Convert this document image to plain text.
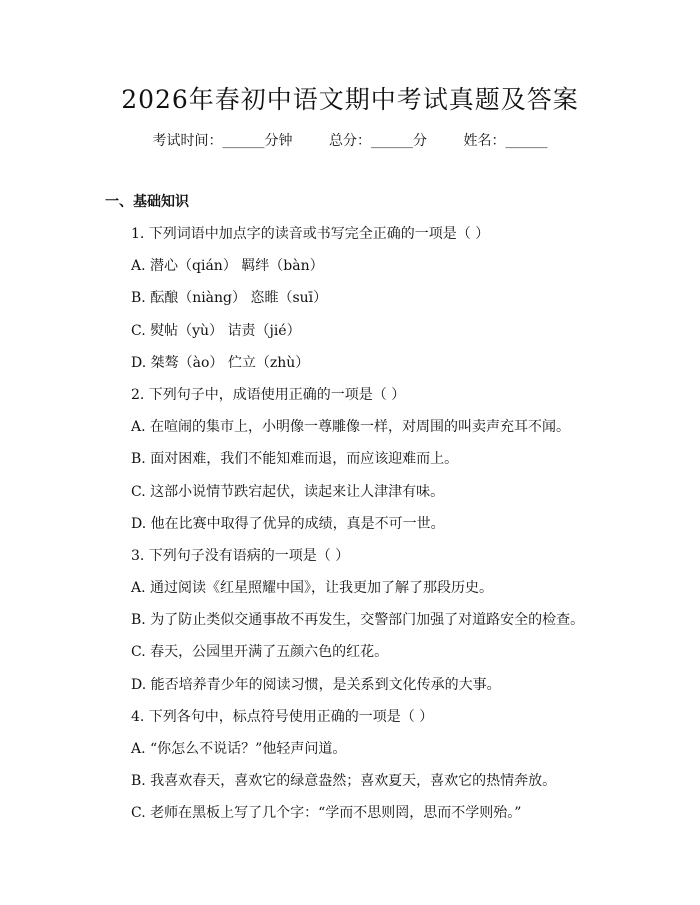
2026年春初中语文期中考试真题及答案
考试时间：______分钟	总分：______分	姓名：______
一、基础知识
1. 下列词语中加点字的读音或书写完全正确的一项是（ ）
A. 潜心（qián） 羁绊（bàn）
B. 酝酿（niàng） 恣睢（suī）
C. 熨帖（yù） 诘责（jié）
D. 桀骜（ào） 伫立（zhù）
2. 下列句子中，成语使用正确的一项是（ ）
A. 在喧闹的集市上，小明像一尊雕像一样，对周围的叫卖声充耳不闻。
B. 面对困难，我们不能知难而退，而应该迎难而上。
C. 这部小说情节跌宕起伏，读起来让人津津有味。
D. 他在比赛中取得了优异的成绩，真是不可一世。
3. 下列句子没有语病的一项是（ ）
A. 通过阅读《红星照耀中国》，让我更加了解了那段历史。
B. 为了防止类似交通事故不再发生，交警部门加强了对道路安全的检查。
C. 春天，公园里开满了五颜六色的红花。
D. 能否培养青少年的阅读习惯，是关系到文化传承的大事。
4. 下列各句中，标点符号使用正确的一项是（ ）
A. “你怎么不说话？”他轻声问道。
B. 我喜欢春天，喜欢它的绿意盎然；喜欢夏天，喜欢它的热情奔放。
C. 老师在黑板上写了几个字：“学而不思则罔，思而不学则殆。”
